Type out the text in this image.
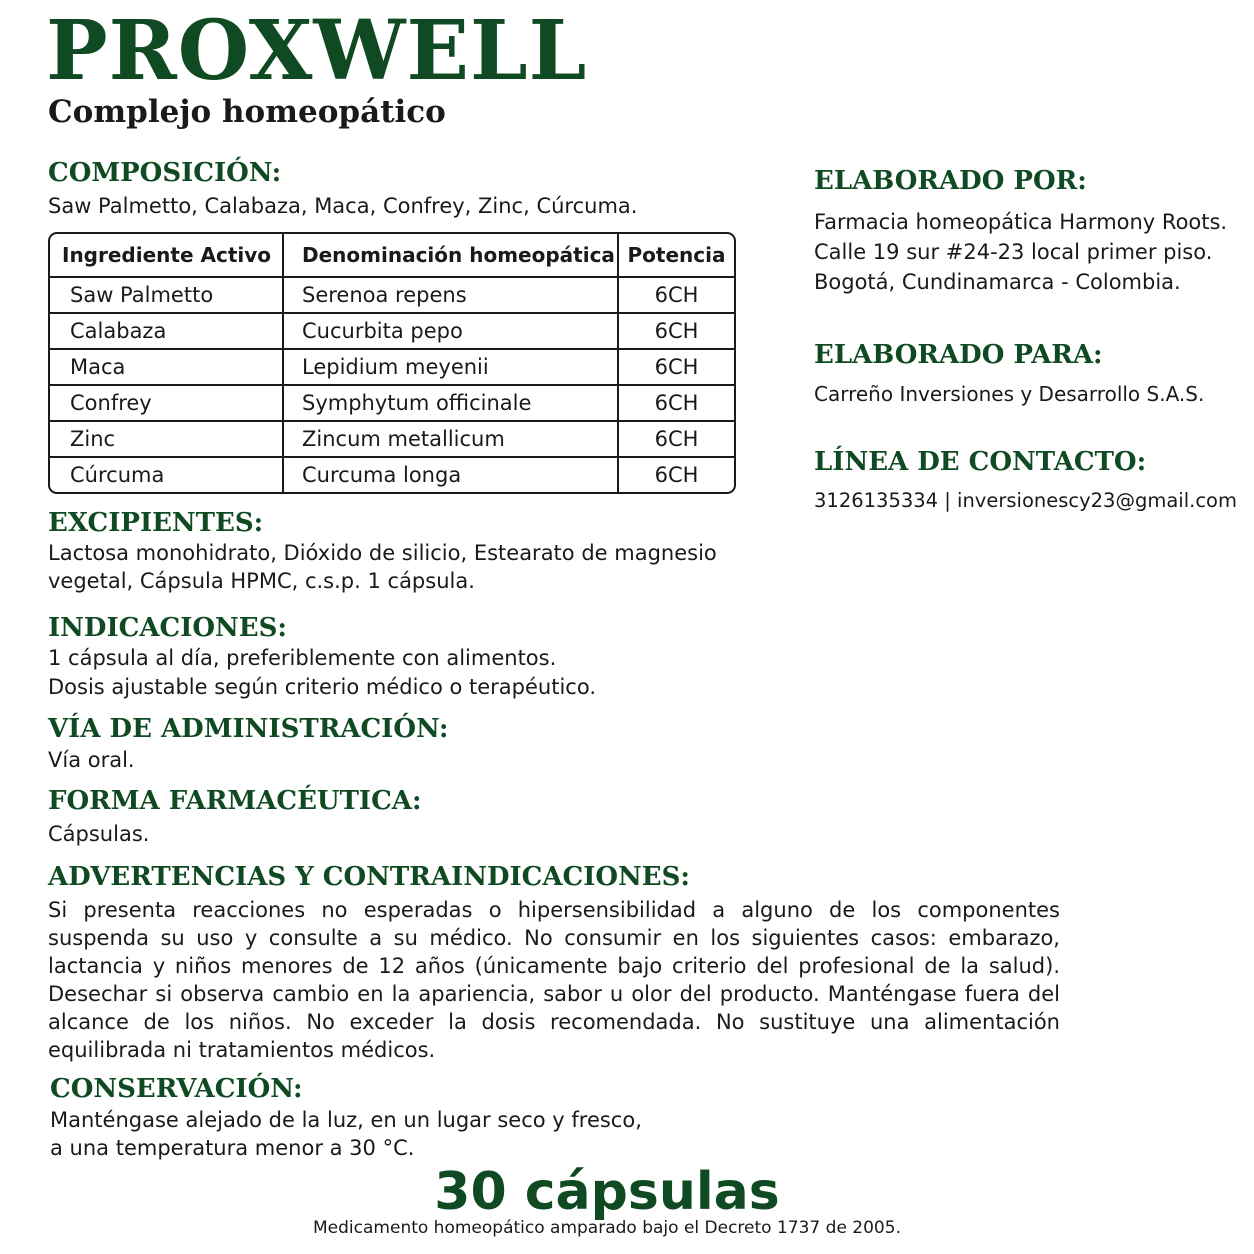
PROXWELL
Complejo homeopático
COMPOSICIÓN:
Saw Palmetto, Calabaza, Maca, Confrey, Zinc, Cúrcuma.
Ingrediente Activo	Denominación homeopática	Potencia
Saw Palmetto	Serenoa repens	6CH
Calabaza	Cucurbita pepo	6CH
Maca	Lepidium meyenii	6CH
Confrey	Symphytum officinale	6CH
Zinc	Zincum metallicum	6CH
Cúrcuma	Curcuma longa	6CH
EXCIPIENTES:
Lactosa monohidrato, Dióxido de silicio, Estearato de magnesio
vegetal, Cápsula HPMC, c.s.p. 1 cápsula.
INDICACIONES:
1 cápsula al día, preferiblemente con alimentos.
Dosis ajustable según criterio médico o terapéutico.
VÍA DE ADMINISTRACIÓN:
Vía oral.
FORMA FARMACÉUTICA:
Cápsulas.
ADVERTENCIAS Y CONTRAINDICACIONES:
Si presenta reacciones no esperadas o hipersensibilidad a alguno de los componentes suspenda su uso y consulte a su médico. No consumir en los siguientes casos: embarazo, lactancia y niños menores de 12 años (únicamente bajo criterio del profesional de la salud). Desechar si observa cambio en la apariencia, sabor u olor del producto. Manténgase fuera del alcance de los niños. No exceder la dosis recomendada. No sustituye una alimentación equilibrada ni tratamientos médicos.
CONSERVACIÓN:
Manténgase alejado de la luz, en un lugar seco y fresco,
a una temperatura menor a 30 °C.
ELABORADO POR:
Farmacia homeopática Harmony Roots.
Calle 19 sur #24-23 local primer piso.
Bogotá, Cundinamarca - Colombia.
ELABORADO PARA:
Carreño Inversiones y Desarrollo S.A.S.
LÍNEA DE CONTACTO:
3126135334 | inversionescy23@gmail.com
30 cápsulas
Medicamento homeopático amparado bajo el Decreto 1737 de 2005.
